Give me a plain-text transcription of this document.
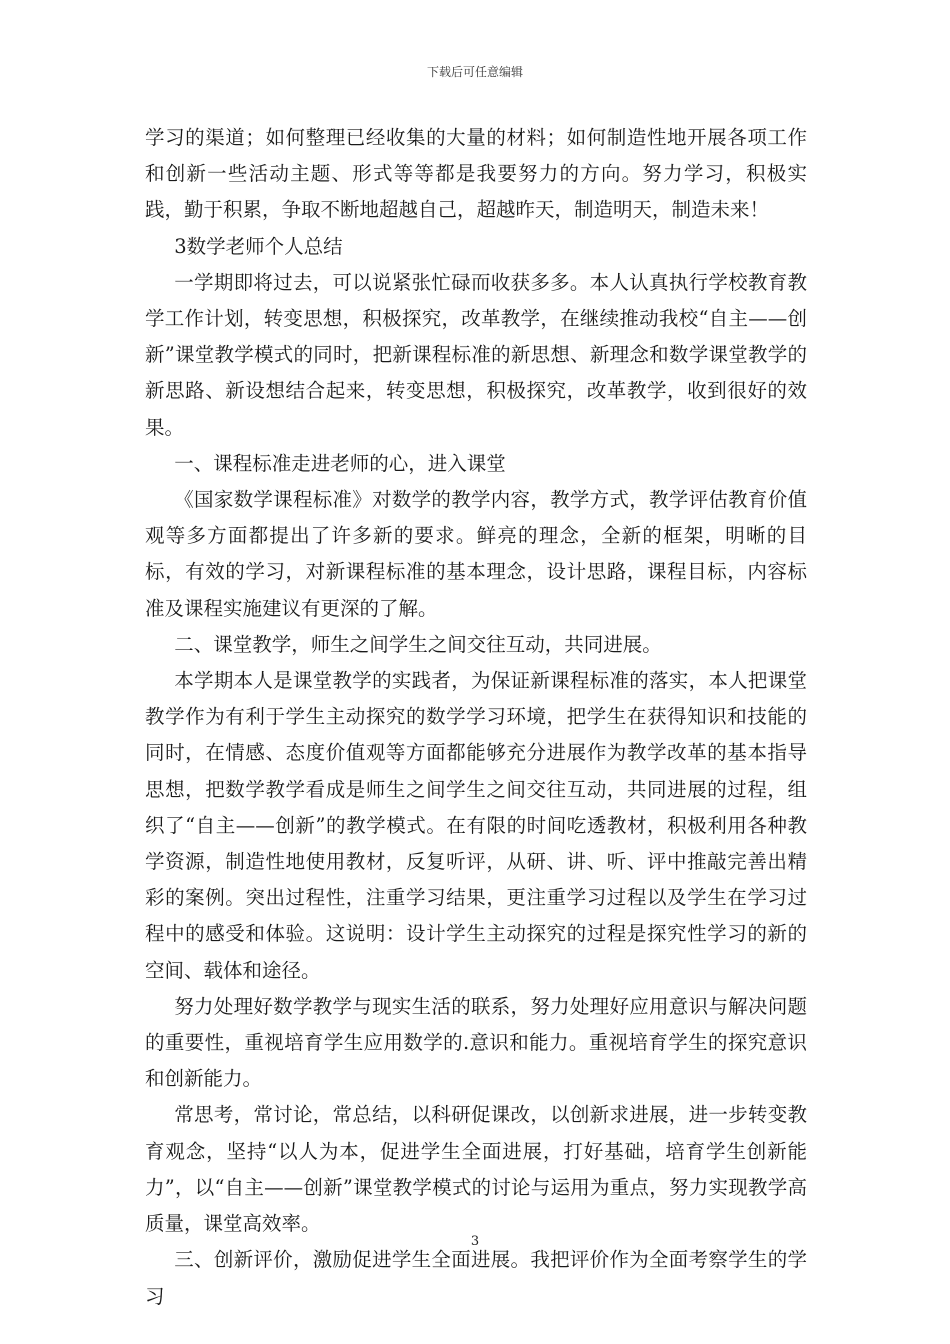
下载后可任意编辑

学习的渠道；如何整理已经收集的大量的材料；如何制造性地开展各项工作和创新一些活动主题、形式等等都是我要努力的方向。努力学习，积极实践，勤于积累，争取不断地超越自己，超越昨天，制造明天，制造未来！

3数学老师个人总结

一学期即将过去，可以说紧张忙碌而收获多多。本人认真执行学校教育教学工作计划，转变思想，积极探究，改革教学，在继续推动我校“自主——创新”课堂教学模式的同时，把新课程标准的新思想、新理念和数学课堂教学的新思路、新设想结合起来，转变思想，积极探究，改革教学，收到很好的效果。

一、课程标准走进老师的心，进入课堂

《国家数学课程标准》对数学的教学内容，教学方式，教学评估教育价值观等多方面都提出了许多新的要求。鲜亮的理念，全新的框架，明晰的目标，有效的学习，对新课程标准的基本理念，设计思路，课程目标，内容标准及课程实施建议有更深的了解。

二、课堂教学，师生之间学生之间交往互动，共同进展。

本学期本人是课堂教学的实践者，为保证新课程标准的落实，本人把课堂教学作为有利于学生主动探究的数学学习环境，把学生在获得知识和技能的同时，在情感、态度价值观等方面都能够充分进展作为教学改革的基本指导思想，把数学教学看成是师生之间学生之间交往互动，共同进展的过程，组织了“自主——创新”的教学模式。在有限的时间吃透教材，积极利用各种教学资源，制造性地使用教材，反复听评，从研、讲、听、评中推敲完善出精彩的案例。突出过程性，注重学习结果，更注重学习过程以及学生在学习过程中的感受和体验。这说明：设计学生主动探究的过程是探究性学习的新的空间、载体和途径。

努力处理好数学教学与现实生活的联系，努力处理好应用意识与解决问题的重要性，重视培育学生应用数学的.意识和能力。重视培育学生的探究意识和创新能力。

常思考，常讨论，常总结，以科研促课改，以创新求进展，进一步转变教育观念，坚持“以人为本，促进学生全面进展，打好基础，培育学生创新能力”，以“自主——创新”课堂教学模式的讨论与运用为重点，努力实现教学高质量，课堂高效率。

三、创新评价，激励促进学生全面进展。我把评价作为全面考察学生的学习

3
